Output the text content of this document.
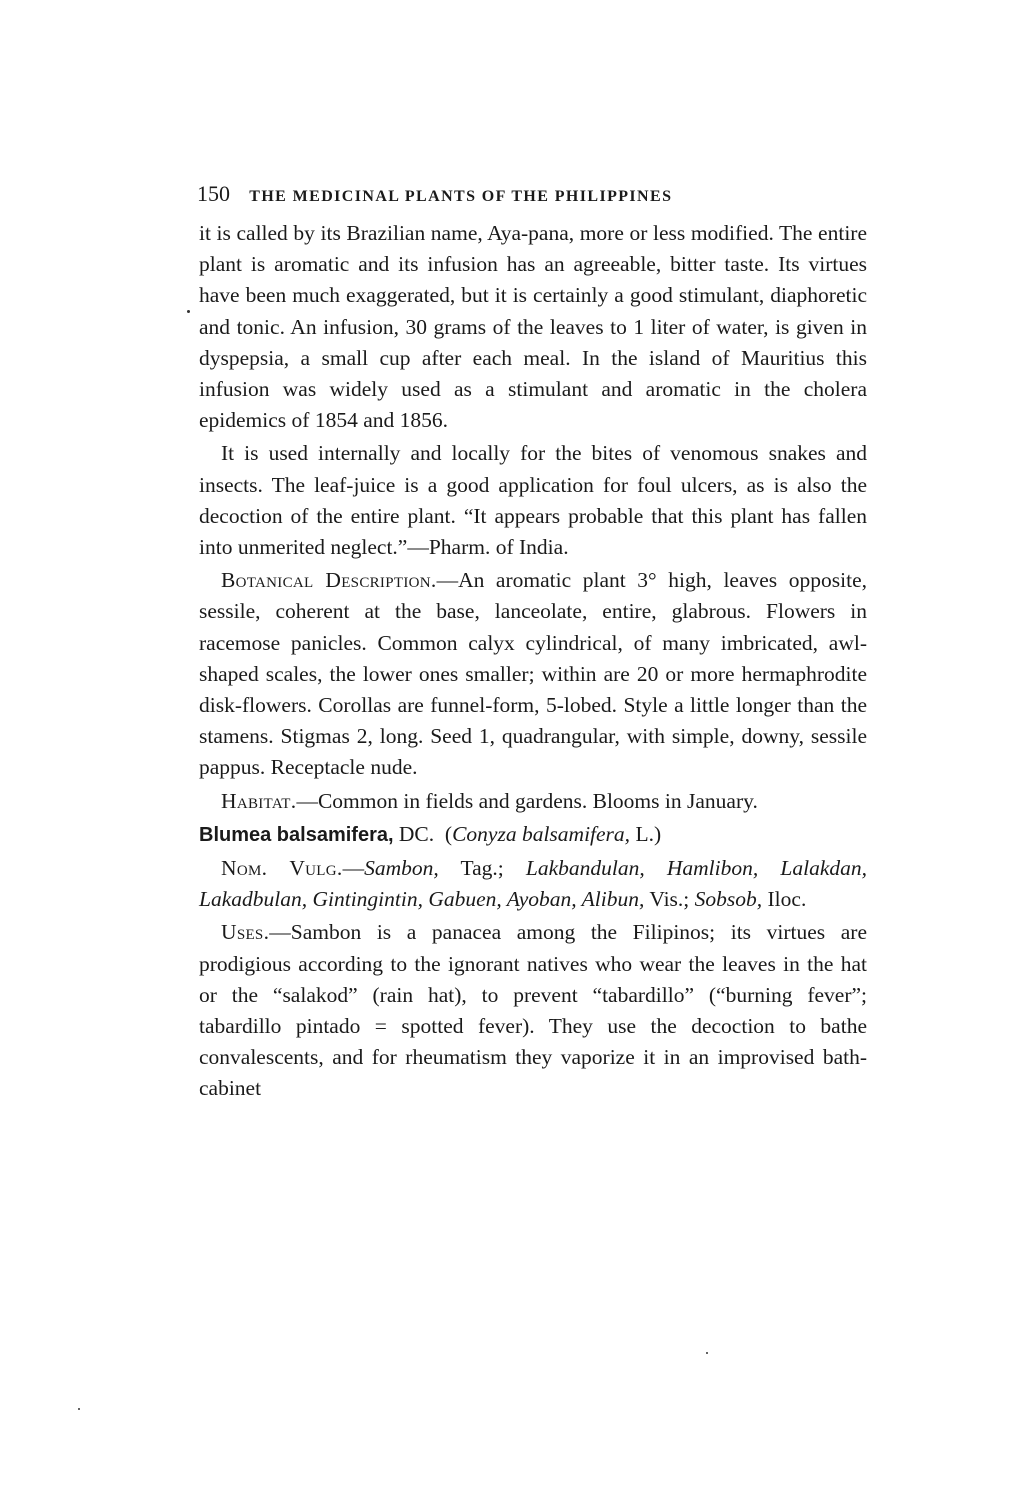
150 THE MEDICINAL PLANTS OF THE PHILIPPINES

it is called by its Brazilian name, Aya-pana, more or less modified. The entire plant is aromatic and its infusion has an agreeable, bitter taste. Its virtues have been much exaggerated, but it is certainly a good stimulant, diaphoretic and tonic. An infusion, 30 grams of the leaves to 1 liter of water, is given in dyspepsia, a small cup after each meal. In the island of Mauritius this infusion was widely used as a stimulant and aromatic in the cholera epidemics of 1854 and 1856.

It is used internally and locally for the bites of venomous snakes and insects. The leaf-juice is a good application for foul ulcers, as is also the decoction of the entire plant. “It appears probable that this plant has fallen into unmerited neglect.”—Pharm. of India.

Botanical Description.—An aromatic plant 3° high, leaves opposite, sessile, coherent at the base, lanceolate, entire, glabrous. Flowers in racemose panicles. Common calyx cylindrical, of many imbricated, awl-shaped scales, the lower ones smaller; within are 20 or more hermaphrodite disk-flowers. Corollas are funnel-form, 5-lobed. Style a little longer than the stamens. Stigmas 2, long. Seed 1, quadrangular, with simple, downy, sessile pappus. Receptacle nude.

Habitat.—Common in fields and gardens. Blooms in January.

Blumea balsamifera, DC. (Conyza balsamifera, L.)

Nom. Vulg.—Sambon, Tag.; Lakbandulan, Hamlibon, Lalakdan, Lakadbulan, Gintingintin, Gabuen, Ayoban, Alibun, Vis.; Sobsob, Iloc.

Uses.—Sambon is a panacea among the Filipinos; its virtues are prodigious according to the ignorant natives who wear the leaves in the hat or the “salakod” (rain hat), to prevent “tabardillo” (“burning fever”; tabardillo pintado = spotted fever). They use the decoction to bathe convalescents, and for rheumatism they vaporize it in an improvised bath-cabinet
